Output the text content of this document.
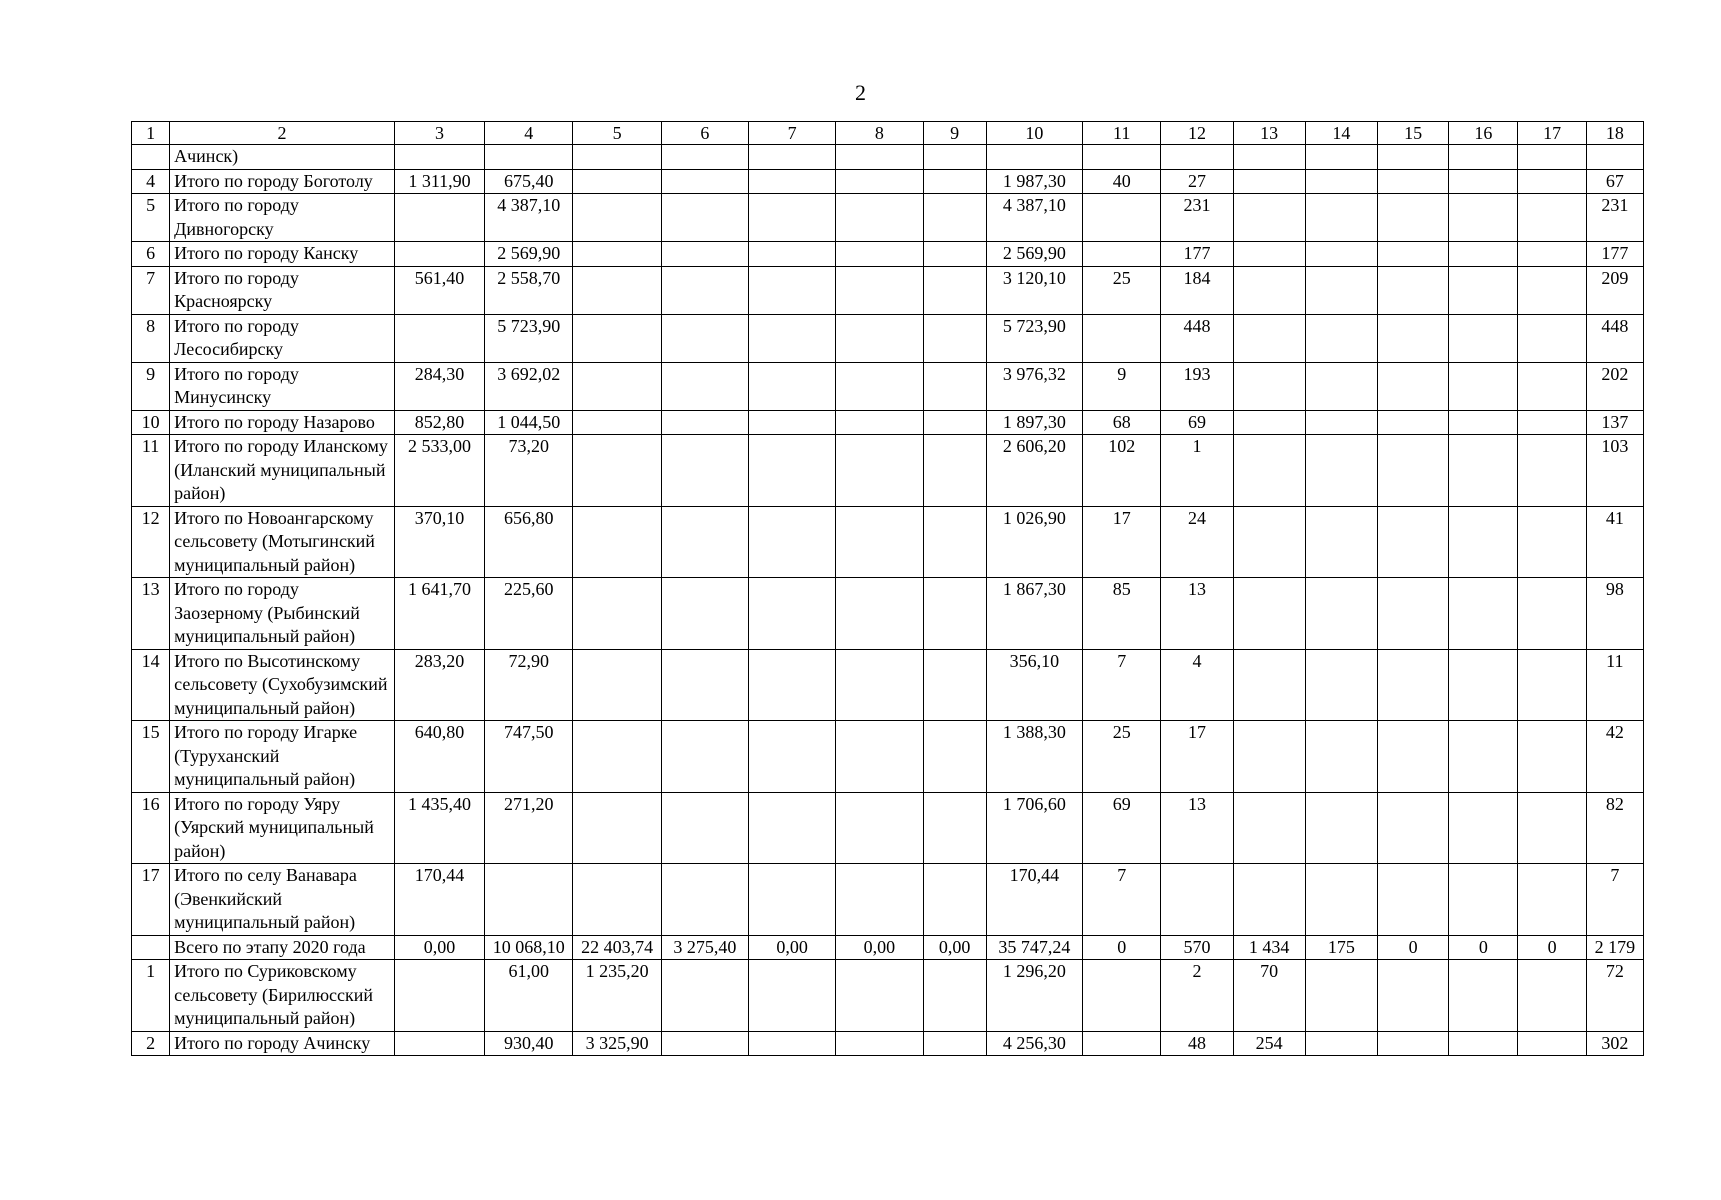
2
1	2	3	4	5	6	7	8	9	10	11	12	13	14	15	16	17	18
	Ачинск)																
4	Итого по городу Боготолу	1 311,90	675,40						1 987,30	40	27						67
5	Итого по городу Дивногорску		4 387,10						4 387,10		231						231
6	Итого по городу Канску		2 569,90						2 569,90		177						177
7	Итого по городу Красноярску	561,40	2 558,70						3 120,10	25	184						209
8	Итого по городу Лесосибирску		5 723,90						5 723,90		448						448
9	Итого по городу Минусинску	284,30	3 692,02						3 976,32	9	193						202
10	Итого по городу Назарово	852,80	1 044,50						1 897,30	68	69						137
11	Итого по городу Иланскому (Иланский муниципальный район)	2 533,00	73,20						2 606,20	102	1						103
12	Итого по Новоангарскому сельсовету (Мотыгинский муниципальный район)	370,10	656,80						1 026,90	17	24						41
13	Итого по городу Заозерному (Рыбинский муниципальный район)	1 641,70	225,60						1 867,30	85	13						98
14	Итого по Высотинскому сельсовету (Сухобузимский муниципальный район)	283,20	72,90						356,10	7	4						11
15	Итого по городу Игарке (Туруханский муниципальный район)	640,80	747,50						1 388,30	25	17						42
16	Итого по городу Уяру (Уярский муниципальный район)	1 435,40	271,20						1 706,60	69	13						82
17	Итого по селу Ванавара (Эвенкийский муниципальный район)	170,44							170,44	7							7
	Всего по этапу 2020 года	0,00	10 068,10	22 403,74	3 275,40	0,00	0,00	0,00	35 747,24	0	570	1 434	175	0	0	0	2 179
1	Итого по Суриковскому сельсовету (Бирилюсский муниципальный район)		61,00	1 235,20					1 296,20		2	70					72
2	Итого по городу Ачинску		930,40	3 325,90					4 256,30		48	254					302
